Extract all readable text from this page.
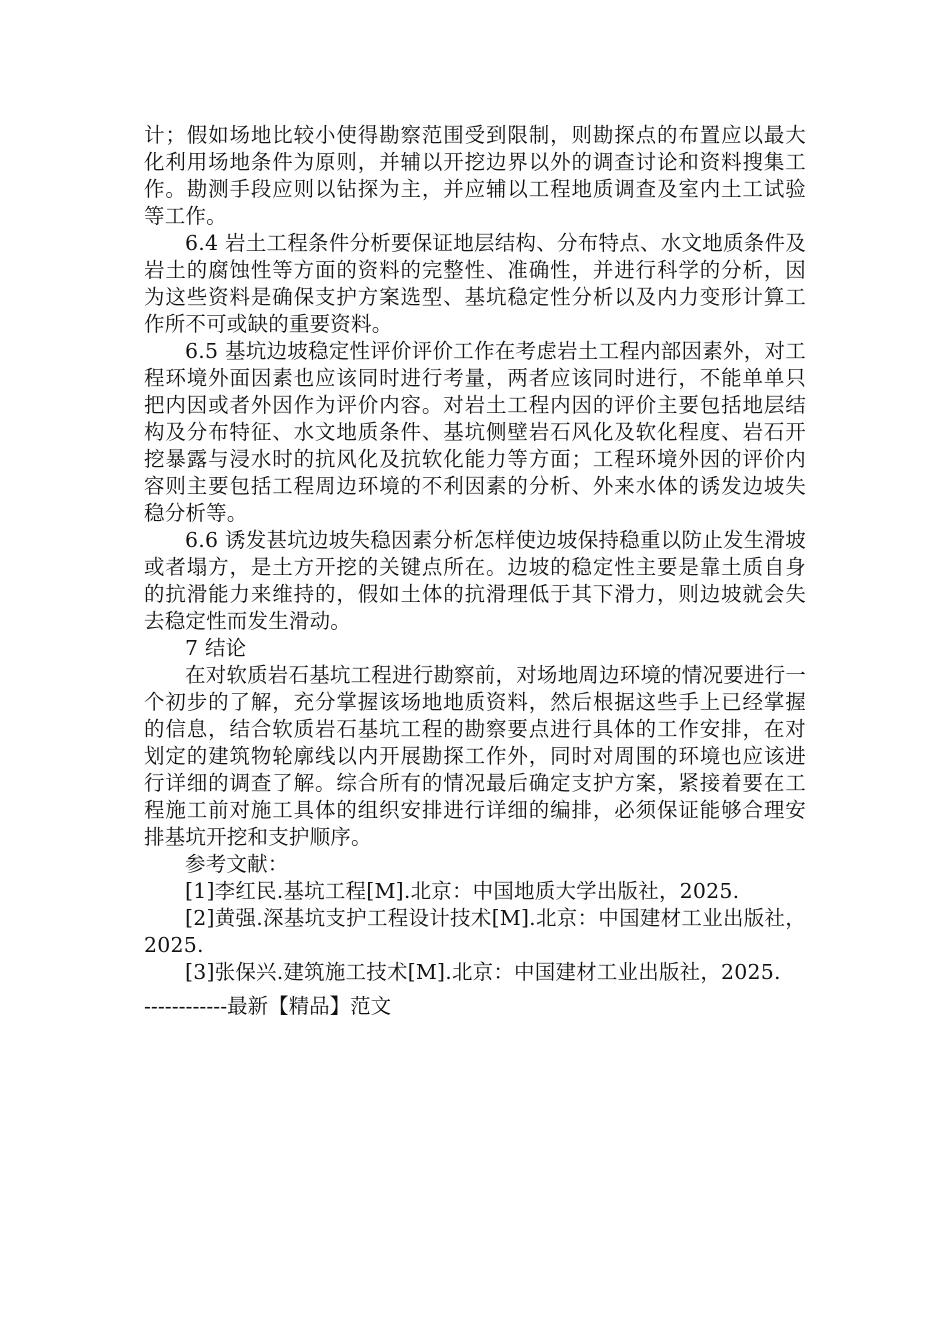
计；假如场地比较小使得勘察范围受到限制，则勘探点的布置应以最大化利用场地条件为原则，并辅以开挖边界以外的调查讨论和资料搜集工作。勘测手段应则以钻探为主，并应辅以工程地质调查及室内土工试验等工作。

6.4 岩土工程条件分析要保证地层结构、分布特点、水文地质条件及岩土的腐蚀性等方面的资料的完整性、准确性，并进行科学的分析，因为这些资料是确保支护方案选型、基坑稳定性分析以及内力变形计算工作所不可或缺的重要资料。

6.5 基坑边坡稳定性评价评价工作在考虑岩土工程内部因素外，对工程环境外面因素也应该同时进行考量，两者应该同时进行，不能单单只把内因或者外因作为评价内容。对岩土工程内因的评价主要包括地层结构及分布特征、水文地质条件、基坑侧壁岩石风化及软化程度、岩石开挖暴露与浸水时的抗风化及抗软化能力等方面；工程环境外因的评价内容则主要包括工程周边环境的不利因素的分析、外来水体的诱发边坡失稳分析等。

6.6 诱发甚坑边坡失稳因素分析怎样使边坡保持稳重以防止发生滑坡或者塌方，是土方开挖的关键点所在。边坡的稳定性主要是靠土质自身的抗滑能力来维持的，假如土体的抗滑理低于其下滑力，则边坡就会失去稳定性而发生滑动。

7 结论

在对软质岩石基坑工程进行勘察前，对场地周边环境的情况要进行一个初步的了解，充分掌握该场地地质资料，然后根据这些手上已经掌握的信息，结合软质岩石基坑工程的勘察要点进行具体的工作安排，在对划定的建筑物轮廓线以内开展勘探工作外，同时对周围的环境也应该进行详细的调查了解。综合所有的情况最后确定支护方案，紧接着要在工程施工前对施工具体的组织安排进行详细的编排，必须保证能够合理安排基坑开挖和支护顺序。

参考文献：

[1]李红民.基坑工程[M].北京：中国地质大学出版社，2025.

[2]黄强.深基坑支护工程设计技术[M].北京：中国建材工业出版社，2025.

[3]张保兴.建筑施工技术[M].北京：中国建材工业出版社，2025.

------------最新【精品】范文
